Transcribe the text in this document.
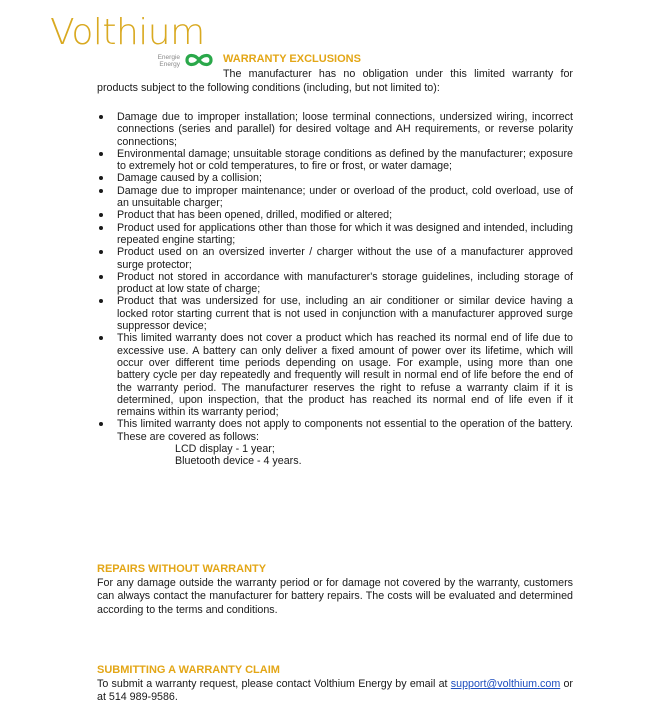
Volthium
Energie
Energy	WARRANTY EXCLUSIONS
The manufacturer has no obligation under this limited warranty for products subject to the following conditions (including, but not limited to):
Damage due to improper installation; loose terminal connections, undersized wiring, incorrect connections (series and parallel) for desired voltage and AH requirements, or reverse polarity connections;
Environmental damage; unsuitable storage conditions as defined by the manufacturer; exposure to extremely hot or cold temperatures, to fire or frost, or water damage;
Damage caused by a collision;
Damage due to improper maintenance; under or overload of the product, cold overload, use of an unsuitable charger;
Product that has been opened, drilled, modified or altered;
Product used for applications other than those for which it was designed and intended, including repeated engine starting;
Product used on an oversized inverter / charger without the use of a manufacturer approved surge protector;
Product not stored in accordance with manufacturer's storage guidelines, including storage of product at low state of charge;
Product that was undersized for use, including an air conditioner or similar device having a locked rotor starting current that is not used in conjunction with a manufacturer approved surge suppressor device;
This limited warranty does not cover a product which has reached its normal end of life due to excessive use. A battery can only deliver a fixed amount of power over its lifetime, which will occur over different time periods depending on usage. For example, using more than one battery cycle per day repeatedly and frequently will result in normal end of life before the end of the warranty period. The manufacturer reserves the right to refuse a warranty claim if it is determined, upon inspection, that the product has reached its normal end of life even if it remains within its warranty period;
This limited warranty does not apply to components not essential to the operation of the battery. These are covered as follows:
LCD display - 1 year;
Bluetooth device - 4 years.
REPAIRS WITHOUT WARRANTY
For any damage outside the warranty period or for damage not covered by the warranty, customers can always contact the manufacturer for battery repairs. The costs will be evaluated and determined according to the terms and conditions.
SUBMITTING A WARRANTY CLAIM
To submit a warranty request, please contact Volthium Energy by email at support@volthium.com or at 514 989-9586.
